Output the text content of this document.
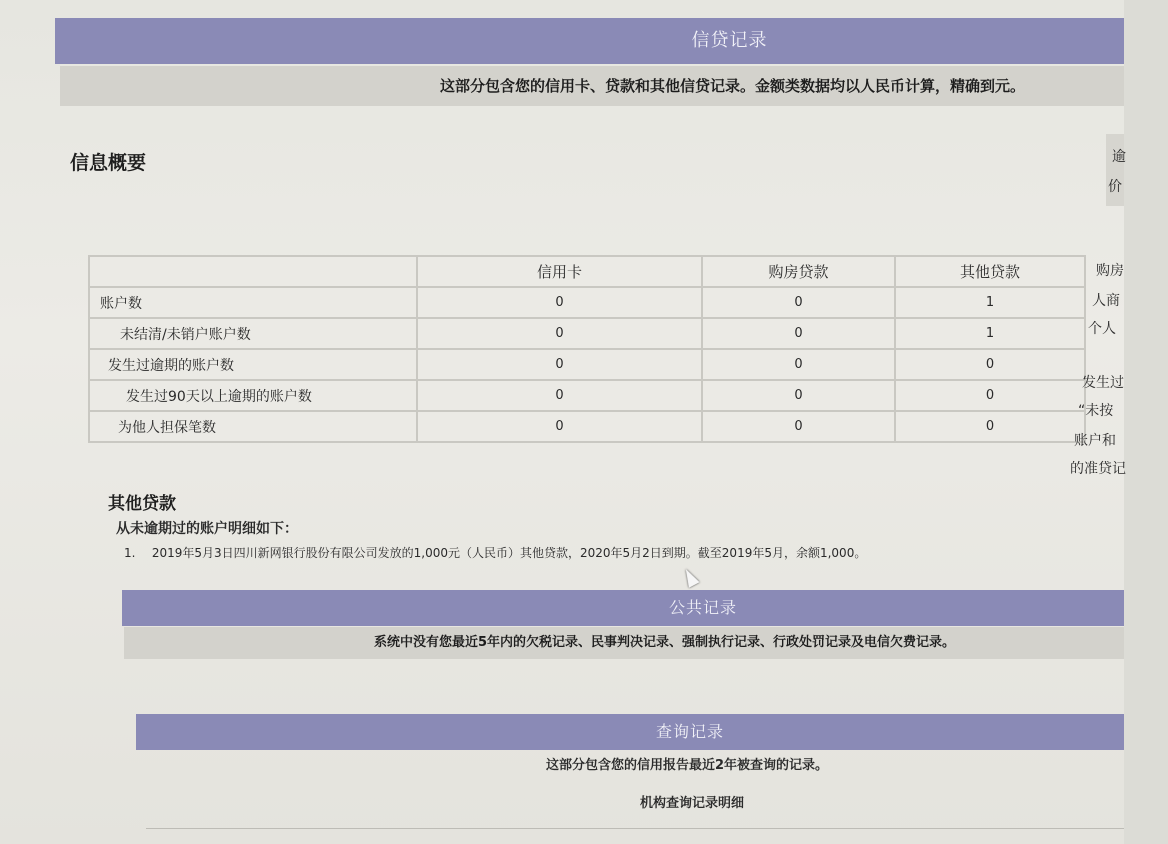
信贷记录
这部分包含您的信用卡、贷款和其他信贷记录。金额类数据均以人民币计算，精确到元。
信息概要	逾
价
	信用卡	购房贷款	其他贷款
账户数	0	0	1
未结清/未销户账户数	0	0	1
发生过逾期的账户数	0	0	0
发生过90天以上逾期的账户数	0	0	0
为他人担保笔数	0	0	0
购房
人商
个人
发生过
“未按
账户和
的准贷记
其他贷款
从未逾期过的账户明细如下：
1. 2019年5月3日四川新网银行股份有限公司发放的1,000元（人民币）其他贷款，2020年5月2日到期。截至2019年5月，余额1,000。
公共记录
系统中没有您最近5年内的欠税记录、民事判决记录、强制执行记录、行政处罚记录及电信欠费记录。
查询记录
这部分包含您的信用报告最近2年被查询的记录。
机构查询记录明细
